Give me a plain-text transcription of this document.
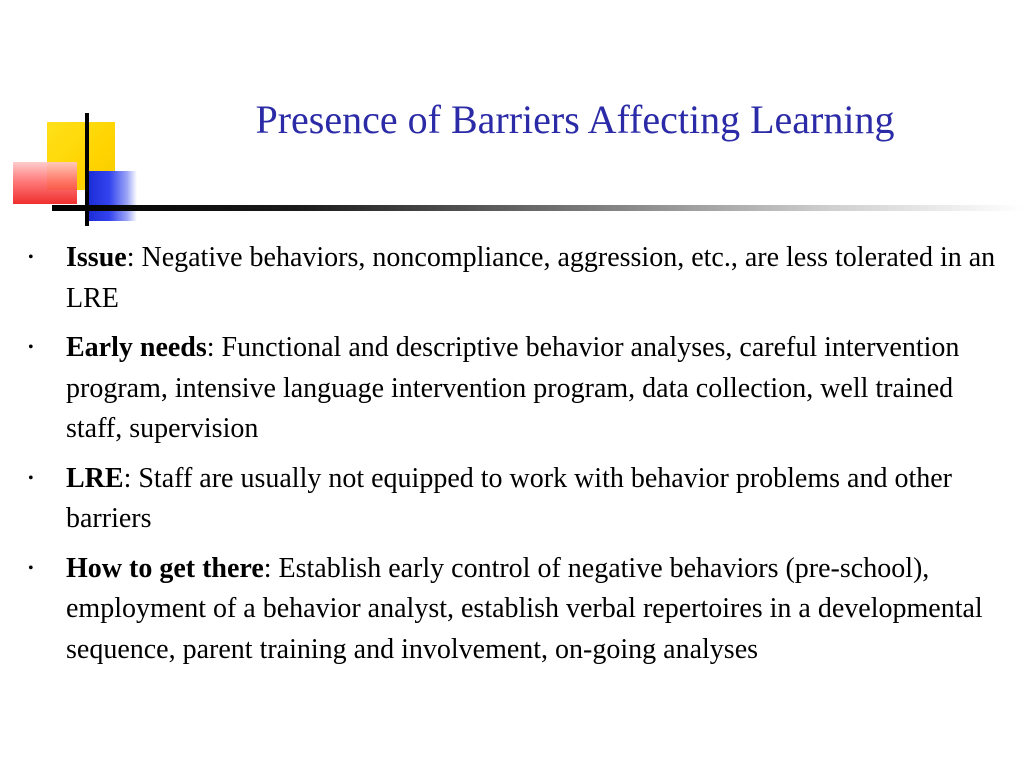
Presence of Barriers Affecting Learning
• Issue: Negative behaviors, noncompliance, aggression, etc., are less tolerated in an LRE
• Early needs: Functional and descriptive behavior analyses, careful intervention program, intensive language intervention program, data collection, well trained staff, supervision
• LRE: Staff are usually not equipped to work with behavior problems and other barriers
• How to get there: Establish early control of negative behaviors (pre-school), employment of a behavior analyst, establish verbal repertoires in a developmental sequence, parent training and involvement, on-going analyses
